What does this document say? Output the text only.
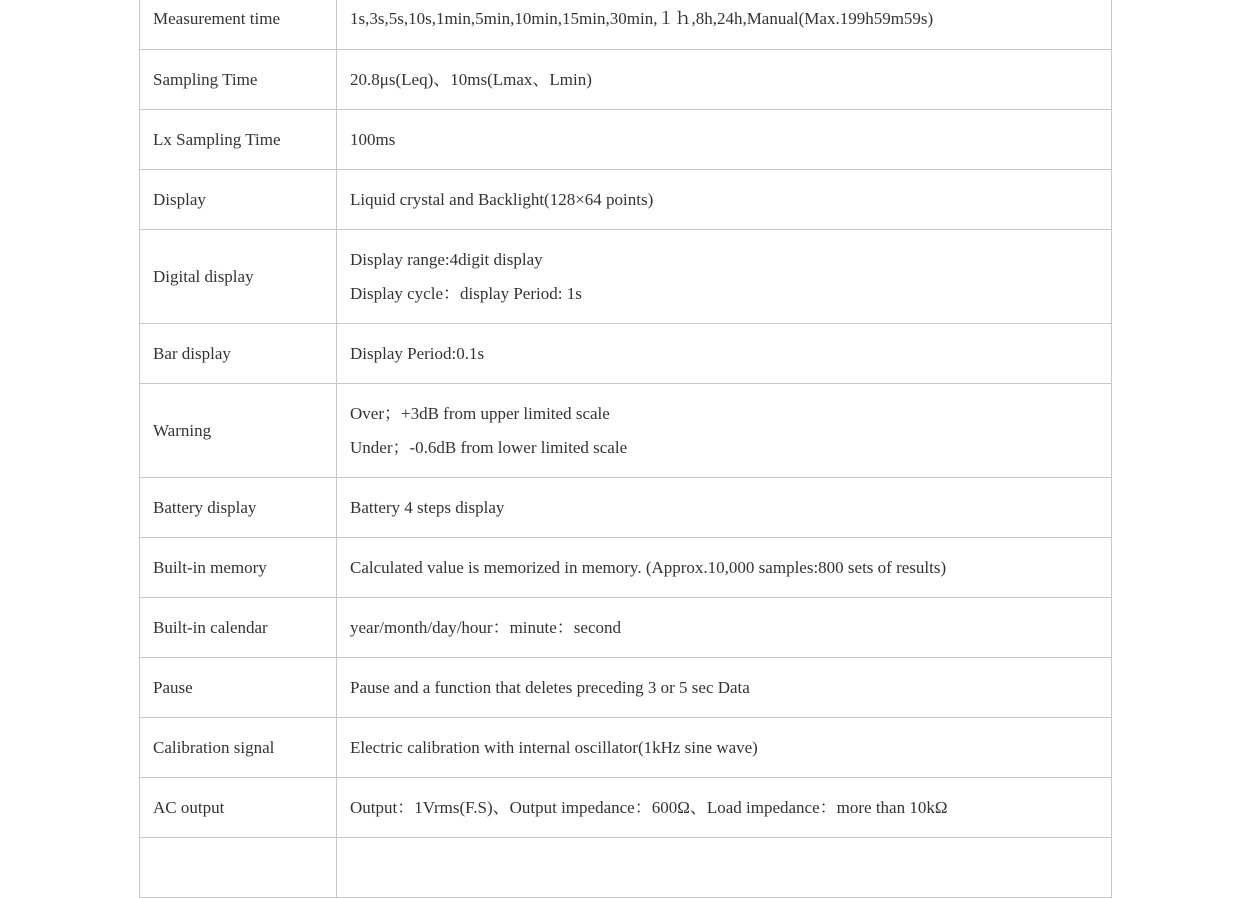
Measurement time	1s,3s,5s,10s,1min,5min,10min,15min,30min,１ｈ,8h,24h,Manual(Max.199h59m59s)

Sampling Time	20.8μs(Leq)、10ms(Lmax、Lmin)

Lx Sampling Time	100ms

Display	Liquid crystal and Backlight(128×64 points)

Digital display	Display range:4digit display
Display cycle：display Period: 1s

Bar display	Display Period:0.1s

Warning	Over；+3dB from upper limited scale
Under；-0.6dB from lower limited scale

Battery display	Battery 4 steps display

Built-in memory	Calculated value is memorized in memory. (Approx.10,000 samples:800 sets of results)

Built-in calendar	year/month/day/hour：minute：second

Pause	Pause and a function that deletes preceding 3 or 5 sec Data

Calibration signal	Electric calibration with internal oscillator(1kHz sine wave)

AC output	Output：1Vrms(F.S)、Output impedance：600Ω、Load impedance：more than 10kΩ
